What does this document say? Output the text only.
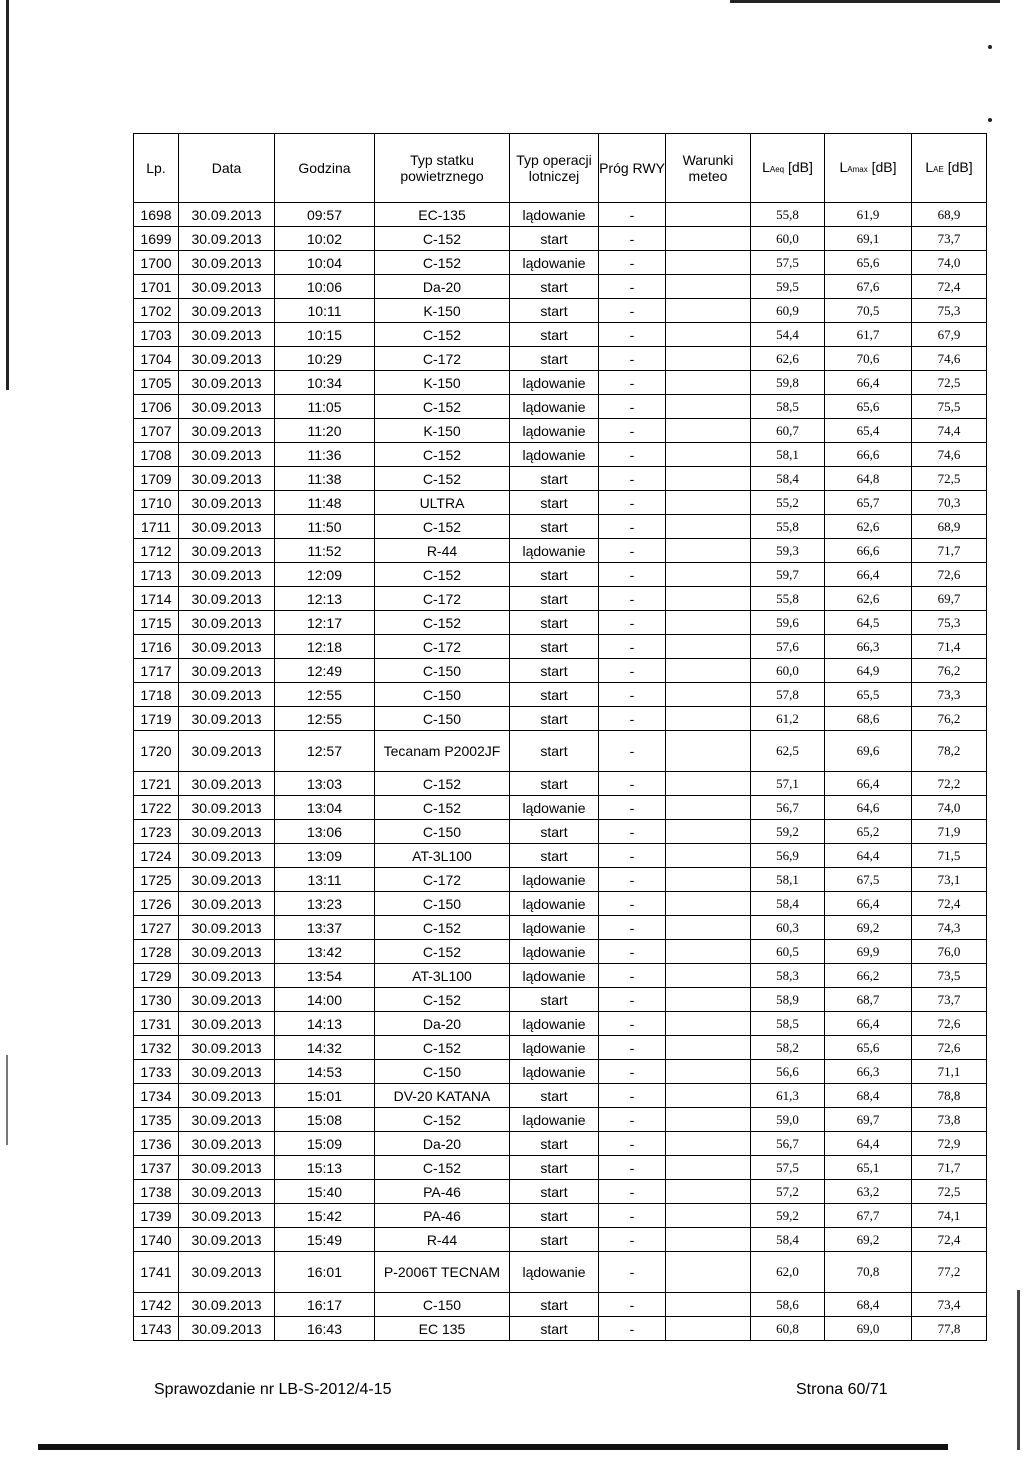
Lp.	Data	Godzina	Typ statku powietrznego	Typ operacji lotniczej	Próg RWY	Warunki meteo	LAeq [dB]	LAmax [dB]	LAE [dB]
1698	30.09.2013	09:57	EC-135	lądowanie	-		55,8	61,9	68,9
1699	30.09.2013	10:02	C-152	start	-		60,0	69,1	73,7
1700	30.09.2013	10:04	C-152	lądowanie	-		57,5	65,6	74,0
1701	30.09.2013	10:06	Da-20	start	-		59,5	67,6	72,4
1702	30.09.2013	10:11	K-150	start	-		60,9	70,5	75,3
1703	30.09.2013	10:15	C-152	start	-		54,4	61,7	67,9
1704	30.09.2013	10:29	C-172	start	-		62,6	70,6	74,6
1705	30.09.2013	10:34	K-150	lądowanie	-		59,8	66,4	72,5
1706	30.09.2013	11:05	C-152	lądowanie	-		58,5	65,6	75,5
1707	30.09.2013	11:20	K-150	lądowanie	-		60,7	65,4	74,4
1708	30.09.2013	11:36	C-152	lądowanie	-		58,1	66,6	74,6
1709	30.09.2013	11:38	C-152	start	-		58,4	64,8	72,5
1710	30.09.2013	11:48	ULTRA	start	-		55,2	65,7	70,3
1711	30.09.2013	11:50	C-152	start	-		55,8	62,6	68,9
1712	30.09.2013	11:52	R-44	lądowanie	-		59,3	66,6	71,7
1713	30.09.2013	12:09	C-152	start	-		59,7	66,4	72,6
1714	30.09.2013	12:13	C-172	start	-		55,8	62,6	69,7
1715	30.09.2013	12:17	C-152	start	-		59,6	64,5	75,3
1716	30.09.2013	12:18	C-172	start	-		57,6	66,3	71,4
1717	30.09.2013	12:49	C-150	start	-		60,0	64,9	76,2
1718	30.09.2013	12:55	C-150	start	-		57,8	65,5	73,3
1719	30.09.2013	12:55	C-150	start	-		61,2	68,6	76,2
1720	30.09.2013	12:57	Tecanam P2002JF	start	-		62,5	69,6	78,2
1721	30.09.2013	13:03	C-152	start	-		57,1	66,4	72,2
1722	30.09.2013	13:04	C-152	lądowanie	-		56,7	64,6	74,0
1723	30.09.2013	13:06	C-150	start	-		59,2	65,2	71,9
1724	30.09.2013	13:09	AT-3L100	start	-		56,9	64,4	71,5
1725	30.09.2013	13:11	C-172	lądowanie	-		58,1	67,5	73,1
1726	30.09.2013	13:23	C-150	lądowanie	-		58,4	66,4	72,4
1727	30.09.2013	13:37	C-152	lądowanie	-		60,3	69,2	74,3
1728	30.09.2013	13:42	C-152	lądowanie	-		60,5	69,9	76,0
1729	30.09.2013	13:54	AT-3L100	lądowanie	-		58,3	66,2	73,5
1730	30.09.2013	14:00	C-152	start	-		58,9	68,7	73,7
1731	30.09.2013	14:13	Da-20	lądowanie	-		58,5	66,4	72,6
1732	30.09.2013	14:32	C-152	lądowanie	-		58,2	65,6	72,6
1733	30.09.2013	14:53	C-150	lądowanie	-		56,6	66,3	71,1
1734	30.09.2013	15:01	DV-20 KATANA	start	-		61,3	68,4	78,8
1735	30.09.2013	15:08	C-152	lądowanie	-		59,0	69,7	73,8
1736	30.09.2013	15:09	Da-20	start	-		56,7	64,4	72,9
1737	30.09.2013	15:13	C-152	start	-		57,5	65,1	71,7
1738	30.09.2013	15:40	PA-46	start	-		57,2	63,2	72,5
1739	30.09.2013	15:42	PA-46	start	-		59,2	67,7	74,1
1740	30.09.2013	15:49	R-44	start	-		58,4	69,2	72,4
1741	30.09.2013	16:01	P-2006T TECNAM	lądowanie	-		62,0	70,8	77,2
1742	30.09.2013	16:17	C-150	start	-		58,6	68,4	73,4
1743	30.09.2013	16:43	EC 135	start	-		60,8	69,0	77,8
Sprawozdanie nr LB-S-2012/4-15	Strona 60/71
